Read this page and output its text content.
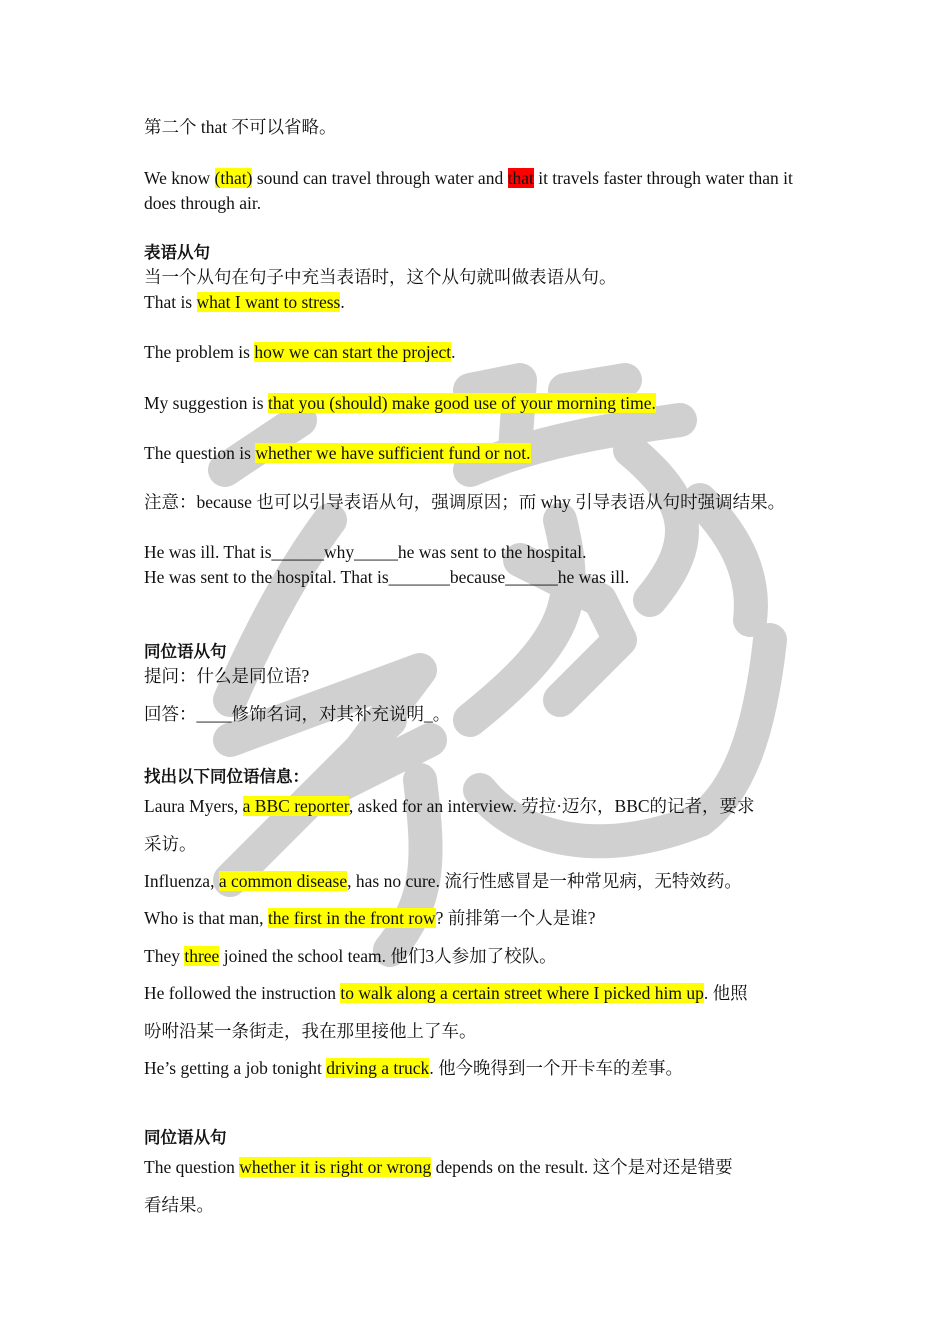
第二个 that 不可以省略。
We know (that) sound can travel through water and that it travels faster through water than it does through air.
表语从句
当一个从句在句子中充当表语时，这个从句就叫做表语从句。
That is what I want to stress.
The problem is how we can start the project.
My suggestion is that you (should) make good use of your morning time.
The question is whether we have sufficient fund or not.
注意：because 也可以引导表语从句，强调原因；而 why 引导表语从句时强调结果。
He was ill. That is______why_____he was sent to the hospital.
He was sent to the hospital. That is_______because______he was ill.
同位语从句
提问：什么是同位语?
回答：____修饰名词，对其补充说明_。
找出以下同位语信息：
Laura Myers, a BBC reporter, asked for an interview. 劳拉·迈尔，BBC的记者，要求
采访。
Influenza, a common disease, has no cure. 流行性感冒是一种常见病，无特效药。
Who is that man, the first in the front row? 前排第一个人是谁?
They three joined the school team. 他们3人参加了校队。
He followed the instruction to walk along a certain street where I picked him up. 他照
吩咐沿某一条街走，我在那里接他上了车。
He’s getting a job tonight driving a truck. 他今晚得到一个开卡车的差事。
同位语从句
The question whether it is right or wrong depends on the result. 这个是对还是错要
看结果。
